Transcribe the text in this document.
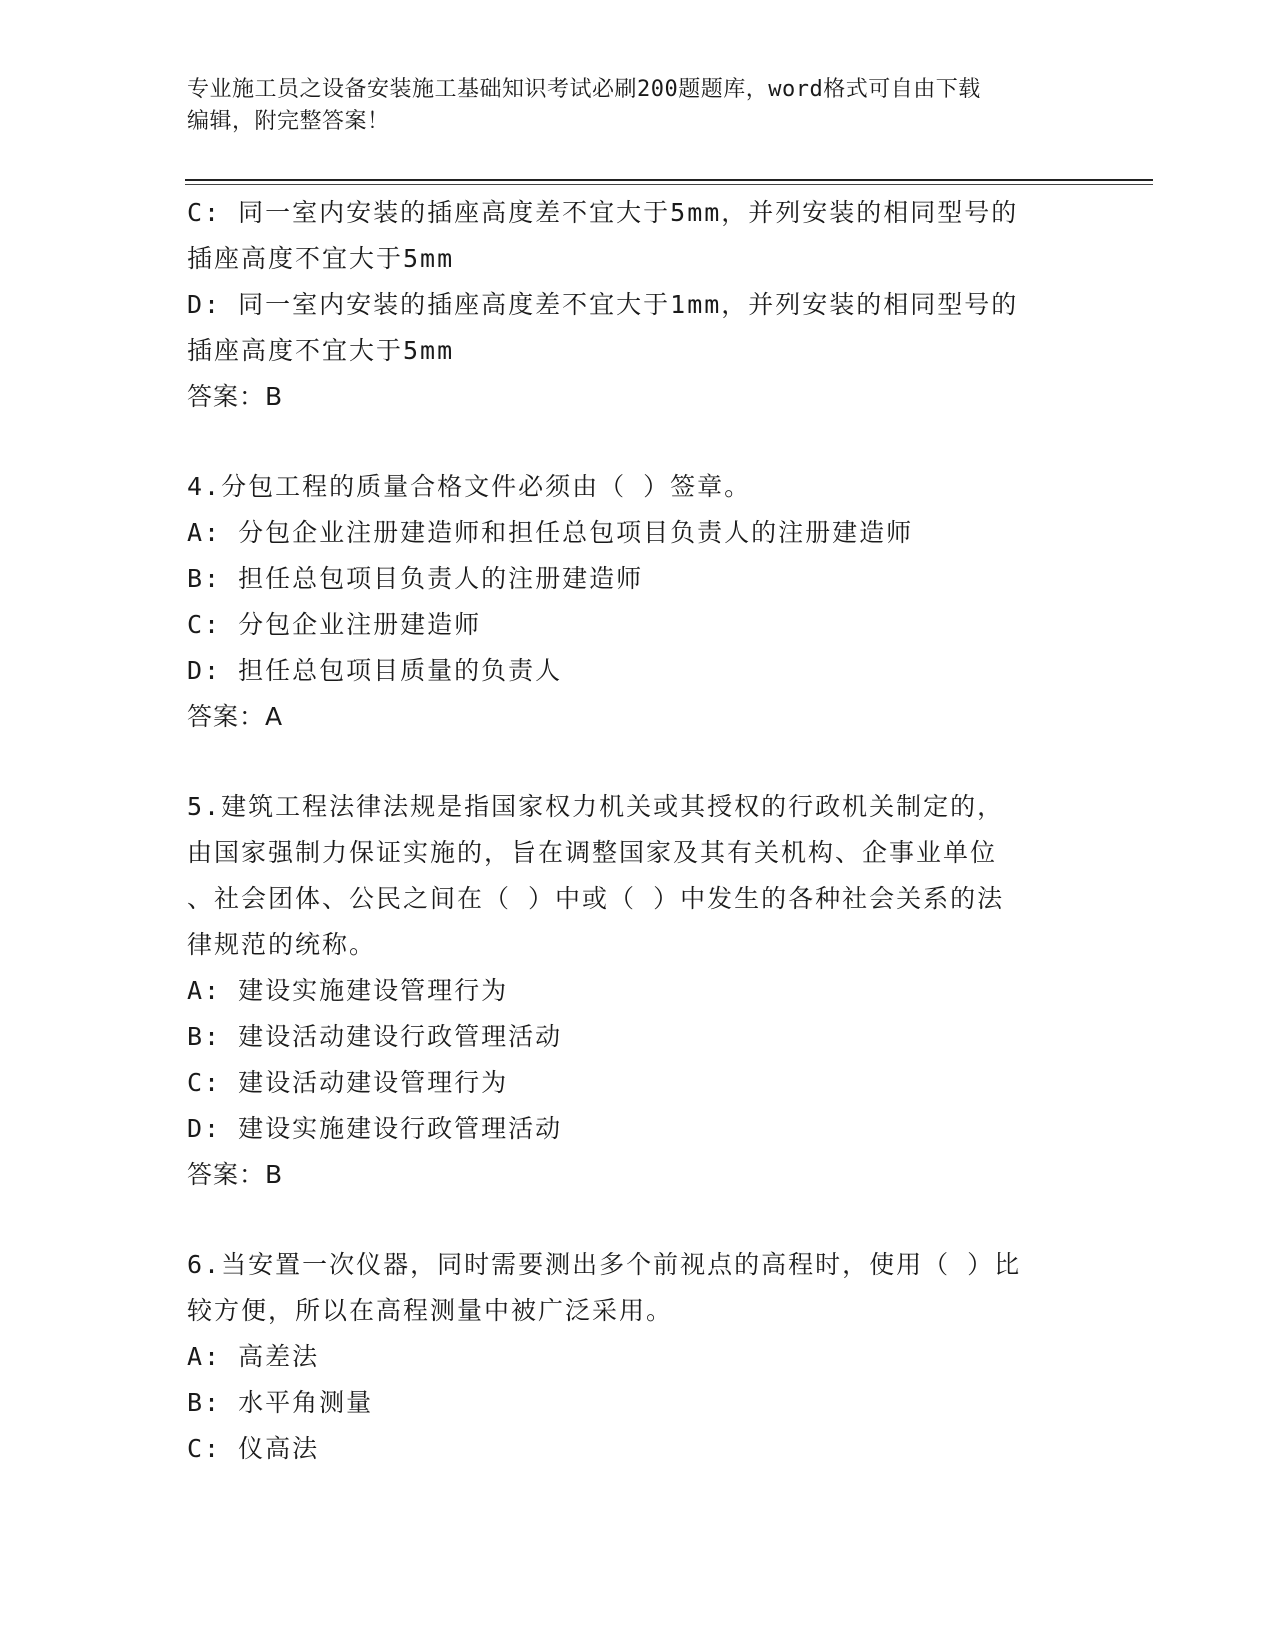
专业施工员之设备安装施工基础知识考试必刷200题题库，word格式可自由下载
编辑，附完整答案！

C: 同一室内安装的插座高度差不宜大于5mm，并列安装的相同型号的

插座高度不宜大于5mm

D: 同一室内安装的插座高度差不宜大于1mm，并列安装的相同型号的

插座高度不宜大于5mm

答案：B

4.分包工程的质量合格文件必须由（ ）签章。

A: 分包企业注册建造师和担任总包项目负责人的注册建造师

B: 担任总包项目负责人的注册建造师

C: 分包企业注册建造师

D: 担任总包项目质量的负责人

答案：A

5.建筑工程法律法规是指国家权力机关或其授权的行政机关制定的，

由国家强制力保证实施的，旨在调整国家及其有关机构、企事业单位

、社会团体、公民之间在（ ）中或（ ）中发生的各种社会关系的法

律规范的统称。

A: 建设实施建设管理行为

B: 建设活动建设行政管理活动

C: 建设活动建设管理行为

D: 建设实施建设行政管理活动

答案：B

6.当安置一次仪器，同时需要测出多个前视点的高程时，使用（ ）比

较方便，所以在高程测量中被广泛采用。

A: 高差法

B: 水平角测量

C: 仪高法
